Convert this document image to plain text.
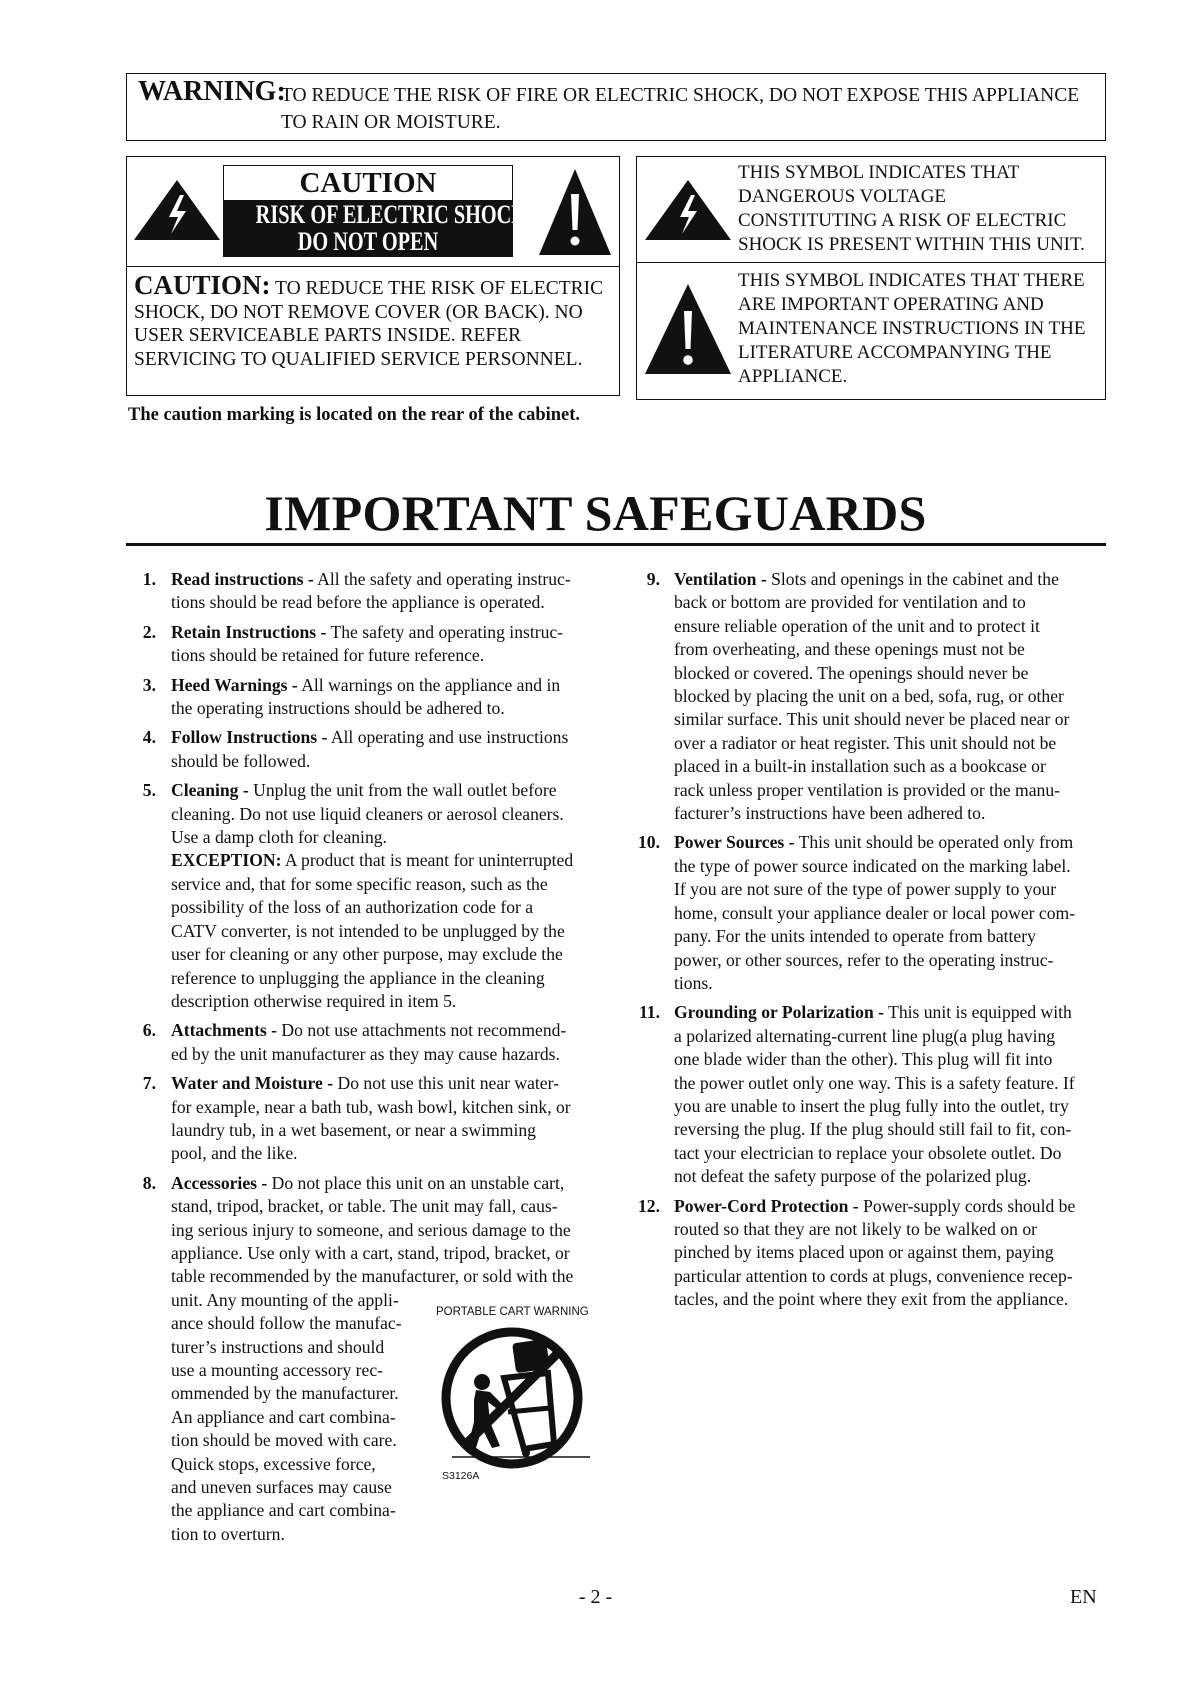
WARNING:
TO REDUCE THE RISK OF FIRE OR ELECTRIC SHOCK, DO NOT EXPOSE THIS APPLIANCE
TO RAIN OR MOISTURE.
CAUTION
RISK OF ELECTRIC SHOCK
DO NOT OPEN
CAUTION: TO REDUCE THE RISK OF ELECTRIC
SHOCK, DO NOT REMOVE COVER (OR BACK). NO
USER SERVICEABLE PARTS INSIDE. REFER
SERVICING TO QUALIFIED SERVICE PERSONNEL.
The caution marking is located on the rear of the cabinet.
THIS SYMBOL INDICATES THAT
DANGEROUS VOLTAGE
CONSTITUTING A RISK OF ELECTRIC
SHOCK IS PRESENT WITHIN THIS UNIT.
THIS SYMBOL INDICATES THAT THERE
ARE IMPORTANT OPERATING AND
MAINTENANCE INSTRUCTIONS IN THE
LITERATURE ACCOMPANYING THE
APPLIANCE.
IMPORTANT SAFEGUARDS
1. Read instructions - All the safety and operating instruc-
tions should be read before the appliance is operated.
2. Retain Instructions - The safety and operating instruc-
tions should be retained for future reference.
3. Heed Warnings - All warnings on the appliance and in
the operating instructions should be adhered to.
4. Follow Instructions - All operating and use instructions
should be followed.
5. Cleaning - Unplug the unit from the wall outlet before
cleaning. Do not use liquid cleaners or aerosol cleaners.
Use a damp cloth for cleaning.
EXCEPTION: A product that is meant for uninterrupted
service and, that for some specific reason, such as the
possibility of the loss of an authorization code for a
CATV converter, is not intended to be unplugged by the
user for cleaning or any other purpose, may exclude the
reference to unplugging the appliance in the cleaning
description otherwise required in item 5.
6. Attachments - Do not use attachments not recommend-
ed by the unit manufacturer as they may cause hazards.
7. Water and Moisture - Do not use this unit near water-
for example, near a bath tub, wash bowl, kitchen sink, or
laundry tub, in a wet basement, or near a swimming
pool, and the like.
8. Accessories - Do not place this unit on an unstable cart,
stand, tripod, bracket, or table. The unit may fall, caus-
ing serious injury to someone, and serious damage to the
appliance. Use only with a cart, stand, tripod, bracket, or
table recommended by the manufacturer, or sold with the
unit. Any mounting of the appli-
ance should follow the manufac-
turer’s instructions and should
use a mounting accessory rec-
ommended by the manufacturer.
An appliance and cart combina-
tion should be moved with care.
Quick stops, excessive force,
and uneven surfaces may cause
the appliance and cart combina-
tion to overturn.
9. Ventilation - Slots and openings in the cabinet and the
back or bottom are provided for ventilation and to
ensure reliable operation of the unit and to protect it
from overheating, and these openings must not be
blocked or covered. The openings should never be
blocked by placing the unit on a bed, sofa, rug, or other
similar surface. This unit should never be placed near or
over a radiator or heat register. This unit should not be
placed in a built-in installation such as a bookcase or
rack unless proper ventilation is provided or the manu-
facturer’s instructions have been adhered to.
10. Power Sources - This unit should be operated only from
the type of power source indicated on the marking label.
If you are not sure of the type of power supply to your
home, consult your appliance dealer or local power com-
pany. For the units intended to operate from battery
power, or other sources, refer to the operating instruc-
tions.
11. Grounding or Polarization - This unit is equipped with
a polarized alternating-current line plug(a plug having
one blade wider than the other). This plug will fit into
the power outlet only one way. This is a safety feature. If
you are unable to insert the plug fully into the outlet, try
reversing the plug. If the plug should still fail to fit, con-
tact your electrician to replace your obsolete outlet. Do
not defeat the safety purpose of the polarized plug.
12. Power-Cord Protection - Power-supply cords should be
routed so that they are not likely to be walked on or
pinched by items placed upon or against them, paying
particular attention to cords at plugs, convenience recep-
tacles, and the point where they exit from the appliance.
PORTABLE CART WARNING
S3126A
- 2 -	EN
